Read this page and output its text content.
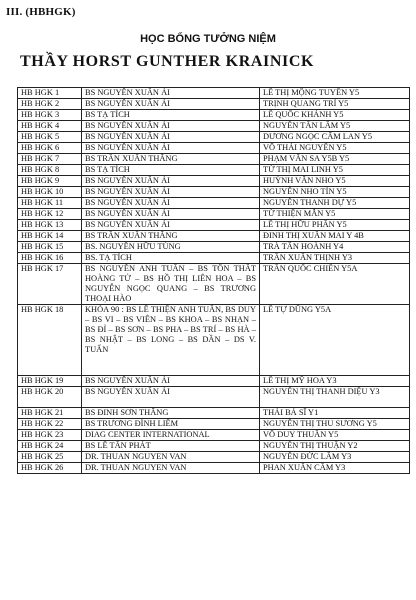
III. (HBHGK)
HỌC BỔNG TƯỞNG NIỆM
THẦY HORST GUNTHER KRAINICK
HB HGK 1	BS NGUYỄN XUÂN ÁI	LÊ THỊ MỘNG TUYỀN Y5
HB HGK 2	BS NGUYỄN XUÂN ÁI	TRỊNH QUANG TRÍ Y5
HB HGK 3	BS TẠ TÍCH	LÊ QUỐC KHÁNH Y5
HB HGK 4	BS NGUYỄN XUÂN ÁI	NGUYỄN TẤN LÂM Y5
HB HGK 5	BS NGUYỄN XUÂN ÁI	DƯƠNG NGỌC CẨM LAN Y5
HB HGK 6	BS NGUYỄN XUÂN ÁI	VÕ THÁI NGUYÊN Y5
HB HGK 7	BS TRẦN XUÂN THẮNG	PHẠM VĂN SA Y5B Y5
HB HGK 8	BS TẠ TÍCH	TỪ THỊ MAI LINH Y5
HB HGK 9	BS NGUYỄN XUÂN ÁI	HUỲNH VĂN NHO Y5
HB HGK 10	BS NGUYỄN XUÂN ÁI	NGUYỄN NHO TÍN Y5
HB HGK 11	BS NGUYỄN XUÂN ÁI	NGUYỄN THANH DỰ Y5
HB HGK 12	BS NGUYỄN XUÂN ÁI	TỪ THIỆN MẪN Y5
HB HGK 13	BS NGUYỄN XUÂN ÁI	LÊ THỊ HỮU PHẤN Y5
HB HGK 14	BS TRẦN XUÂN THẮNG	ĐINH THỊ XUÂN MAI Y 4B
HB HGK 15	BS. NGUYỄN HỮU TÙNG	TRÀ TẤN HOÀNH Y4
HB HGK 16	BS. TẠ TÍCH	TRẦN XUÂN THỊNH Y3
HB HGK 17	BS NGUYỄN ANH TUẤN – BS TÔN THẤT HOÀNG TỬ – BS HỒ THỊ LIÊN HOA – BS NGUYỄN NGỌC QUANG – BS TRƯƠNG THOẠI HÀO	TRẦN QUỐC CHIẾN Y5A
HB HGK 18	KHÓA 90 : BS LÊ THIỆN ANH TUẤN, BS DUY – BS VI – BS VIÊN – BS KHOA – BS NHẠN – BS ĐỈ – BS SƠN – BS PHA – BS TRÍ – BS HÀ – BS NHẬT – BS LONG – BS DẦN – DS V. TUẤN	LÊ TỰ DŨNG Y5A
HB HGK 19	BS NGUYỄN XUÂN ÁI	LÊ THỊ MỸ HOA Y3
HB HGK 20	BS NGUYỄN XUÂN ÁI	NGUYỄN THỊ THANH DIỆU Y3
HB HGK 21	BS ĐINH SƠN THẮNG	THÁI BÁ SĨ Y1
HB HGK 22	BS TRƯƠNG ĐÌNH LIÊM	NGUYỄN THỊ THU SƯƠNG Y5
HB HGK 23	DIAG CENTER INTERNATIONAL	VÕ DUY THUẦN Y5
HB HGK 24	BS LÊ TẤN PHÁT	NGUYỄN THỊ THUẬN Y2
HB HGK 25	DR. THUAN NGUYEN VAN	NGUYỄN ĐỨC LÂM Y3
HB HGK 26	DR. THUAN NGUYEN VAN	PHAN XUÂN CẦM Y3
